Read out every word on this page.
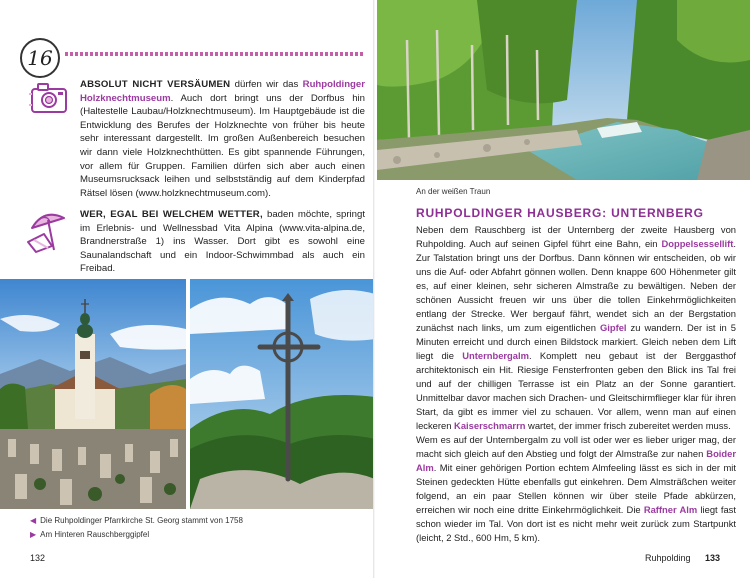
16
ABSOLUT NICHT VERSÄUMEN dürfen wir das Ruhpoldinger Holzknechtmuseum. Auch dort bringt uns der Dorfbus hin (Haltestelle Laubau/Holzknechtmuseum). Im Hauptgebäude ist die Entwicklung des Berufes der Holzknechte von früher bis heute sehr interessant dargestellt. Im großen Außenbereich besuchen wir dann viele Holzknechthütten. Es gibt spannende Führungen, vor allem für Gruppen. Familien dürfen sich aber auch einen Museumsrucksack leihen und selbstständig auf dem Kinderpfad Rätsel lösen (www.holzknechtmuseum.com).
WER, EGAL BEI WELCHEM WETTER, baden möchte, springt im Erlebnis- und Wellnessbad Vita Alpina (www.vita-alpina.de, Brandnerstraße 1) ins Wasser. Dort gibt es sowohl eine Saunalandschaft und ein Indoor-Schwimmbad als auch ein Freibad.
◀ Die Ruhpoldinger Pfarrkirche St. Georg stammt von 1758
▶ Am Hinteren Rauschberggipfel
132
An der weißen Traun
RUHPOLDINGER HAUSBERG: UNTERNBERG
Neben dem Rauschberg ist der Unternberg der zweite Hausberg von Ruhpolding. Auch auf seinen Gipfel führt eine Bahn, ein Doppelsessellift. Zur Talstation bringt uns der Dorfbus. Dann können wir entscheiden, ob wir uns die Auf- oder Abfahrt gönnen wollen. Denn knappe 600 Höhenmeter gilt es, auf einer kleinen, sehr sicheren Almstraße zu bewältigen. Neben der schönen Aussicht freuen wir uns über die tollen Einkehrmöglichkeiten entlang der Strecke. Wer bergauf fährt, wendet sich an der Bergstation zunächst nach links, um zum eigentlichen Gipfel zu wandern. Der ist in 5 Minuten erreicht und durch einen Bildstock markiert. Gleich neben dem Lift liegt die Unternbergalm. Komplett neu gebaut ist der Berggasthof architektonisch ein Hit. Riesige Fensterfronten geben den Blick ins Tal frei und auf der chilligen Terrasse ist ein Platz an der Sonne garantiert. Unmittelbar davor machen sich Drachen- und Gleitschirmflieger klar für ihren Start, da gibt es immer viel zu schauen. Vor allem, wenn man auf einen leckeren Kaiserschmarrn wartet, der immer frisch zubereitet werden muss.
Wem es auf der Unternbergalm zu voll ist oder wer es lieber uriger mag, der macht sich gleich auf den Abstieg und folgt der Almstraße zur nahen Boider Alm. Mit einer gehörigen Portion echtem Almfeeling lässt es sich in der mit Steinen gedeckten Hütte ebenfalls gut einkehren. Dem Almsträßchen weiter folgend, an ein paar Stellen können wir über steile Pfade abkürzen, erreichen wir noch eine dritte Einkehrmöglichkeit. Die Raffner Alm liegt fast schon wieder im Tal. Von dort ist es nicht mehr weit zurück zum Startpunkt (leicht, 2 Std., 600 Hm, 5 km).
Ruhpolding 133
